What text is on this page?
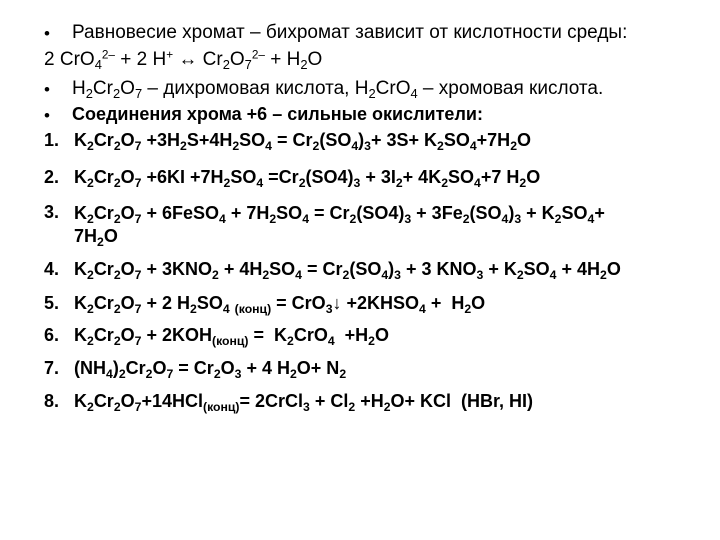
• Равновесие хромат – бихромат зависит от кислотности среды:
2 CrO$_4^{2-}$ + 2 H+ ↔ $Cr_2O_7^{2-} + H_2O$
• $H_2Cr_2O_7$ – дихромовая кислота, $H_2CrO_4$ – хромовая кислота.
• Соединения хрома +6 – сильные окислители:
1. $K_2Cr_2O_7 +3H_2S+4H_2SO_4 = Cr_2(SO_4)_3+ 3S+ K_2SO_4+7H_2O$
2. $K_2Cr_2O_7 +6KI +7H_2SO_4 =Cr_2(SO4)_3 + 3I_2+ 4K_2SO_4+7$ $H_2O$
3. $K_2Cr_2O_7$ + 6FeSO$_4$ + $7H_2SO_4 = Cr_2(SO4)_3 + 3Fe_2(SO_4)_3 + K_2SO_4+$
$7H_2O$
4. $K_2Cr_2O_7 + 3KNO_2 + 4H_2SO_4 = Cr_2(SO_4)_3 + 3$ $KNO_3 + K_2SO_4 + 4H_2O$
5. $K_2Cr_2O_7 + 2$ $H_2SO_4$ $_{(конц)}$ = CrO$_3$↓ $+2KHSO_4 + H_2O$
6. $K_2Cr_2O_7 + 2KOH_{(конц)} = K_2CrO_4 +H_2O$
7. $(NH_4)_2Cr_2O_7 = Cr_2O_3 + 4$ $H_2O+ N_2$
8. $K_2Cr_2O_7+14HCl_{(конц)}=$ 2CrCl$_3$ + $Cl_2 +H_2O+$ KCl  (HBr, HI)
